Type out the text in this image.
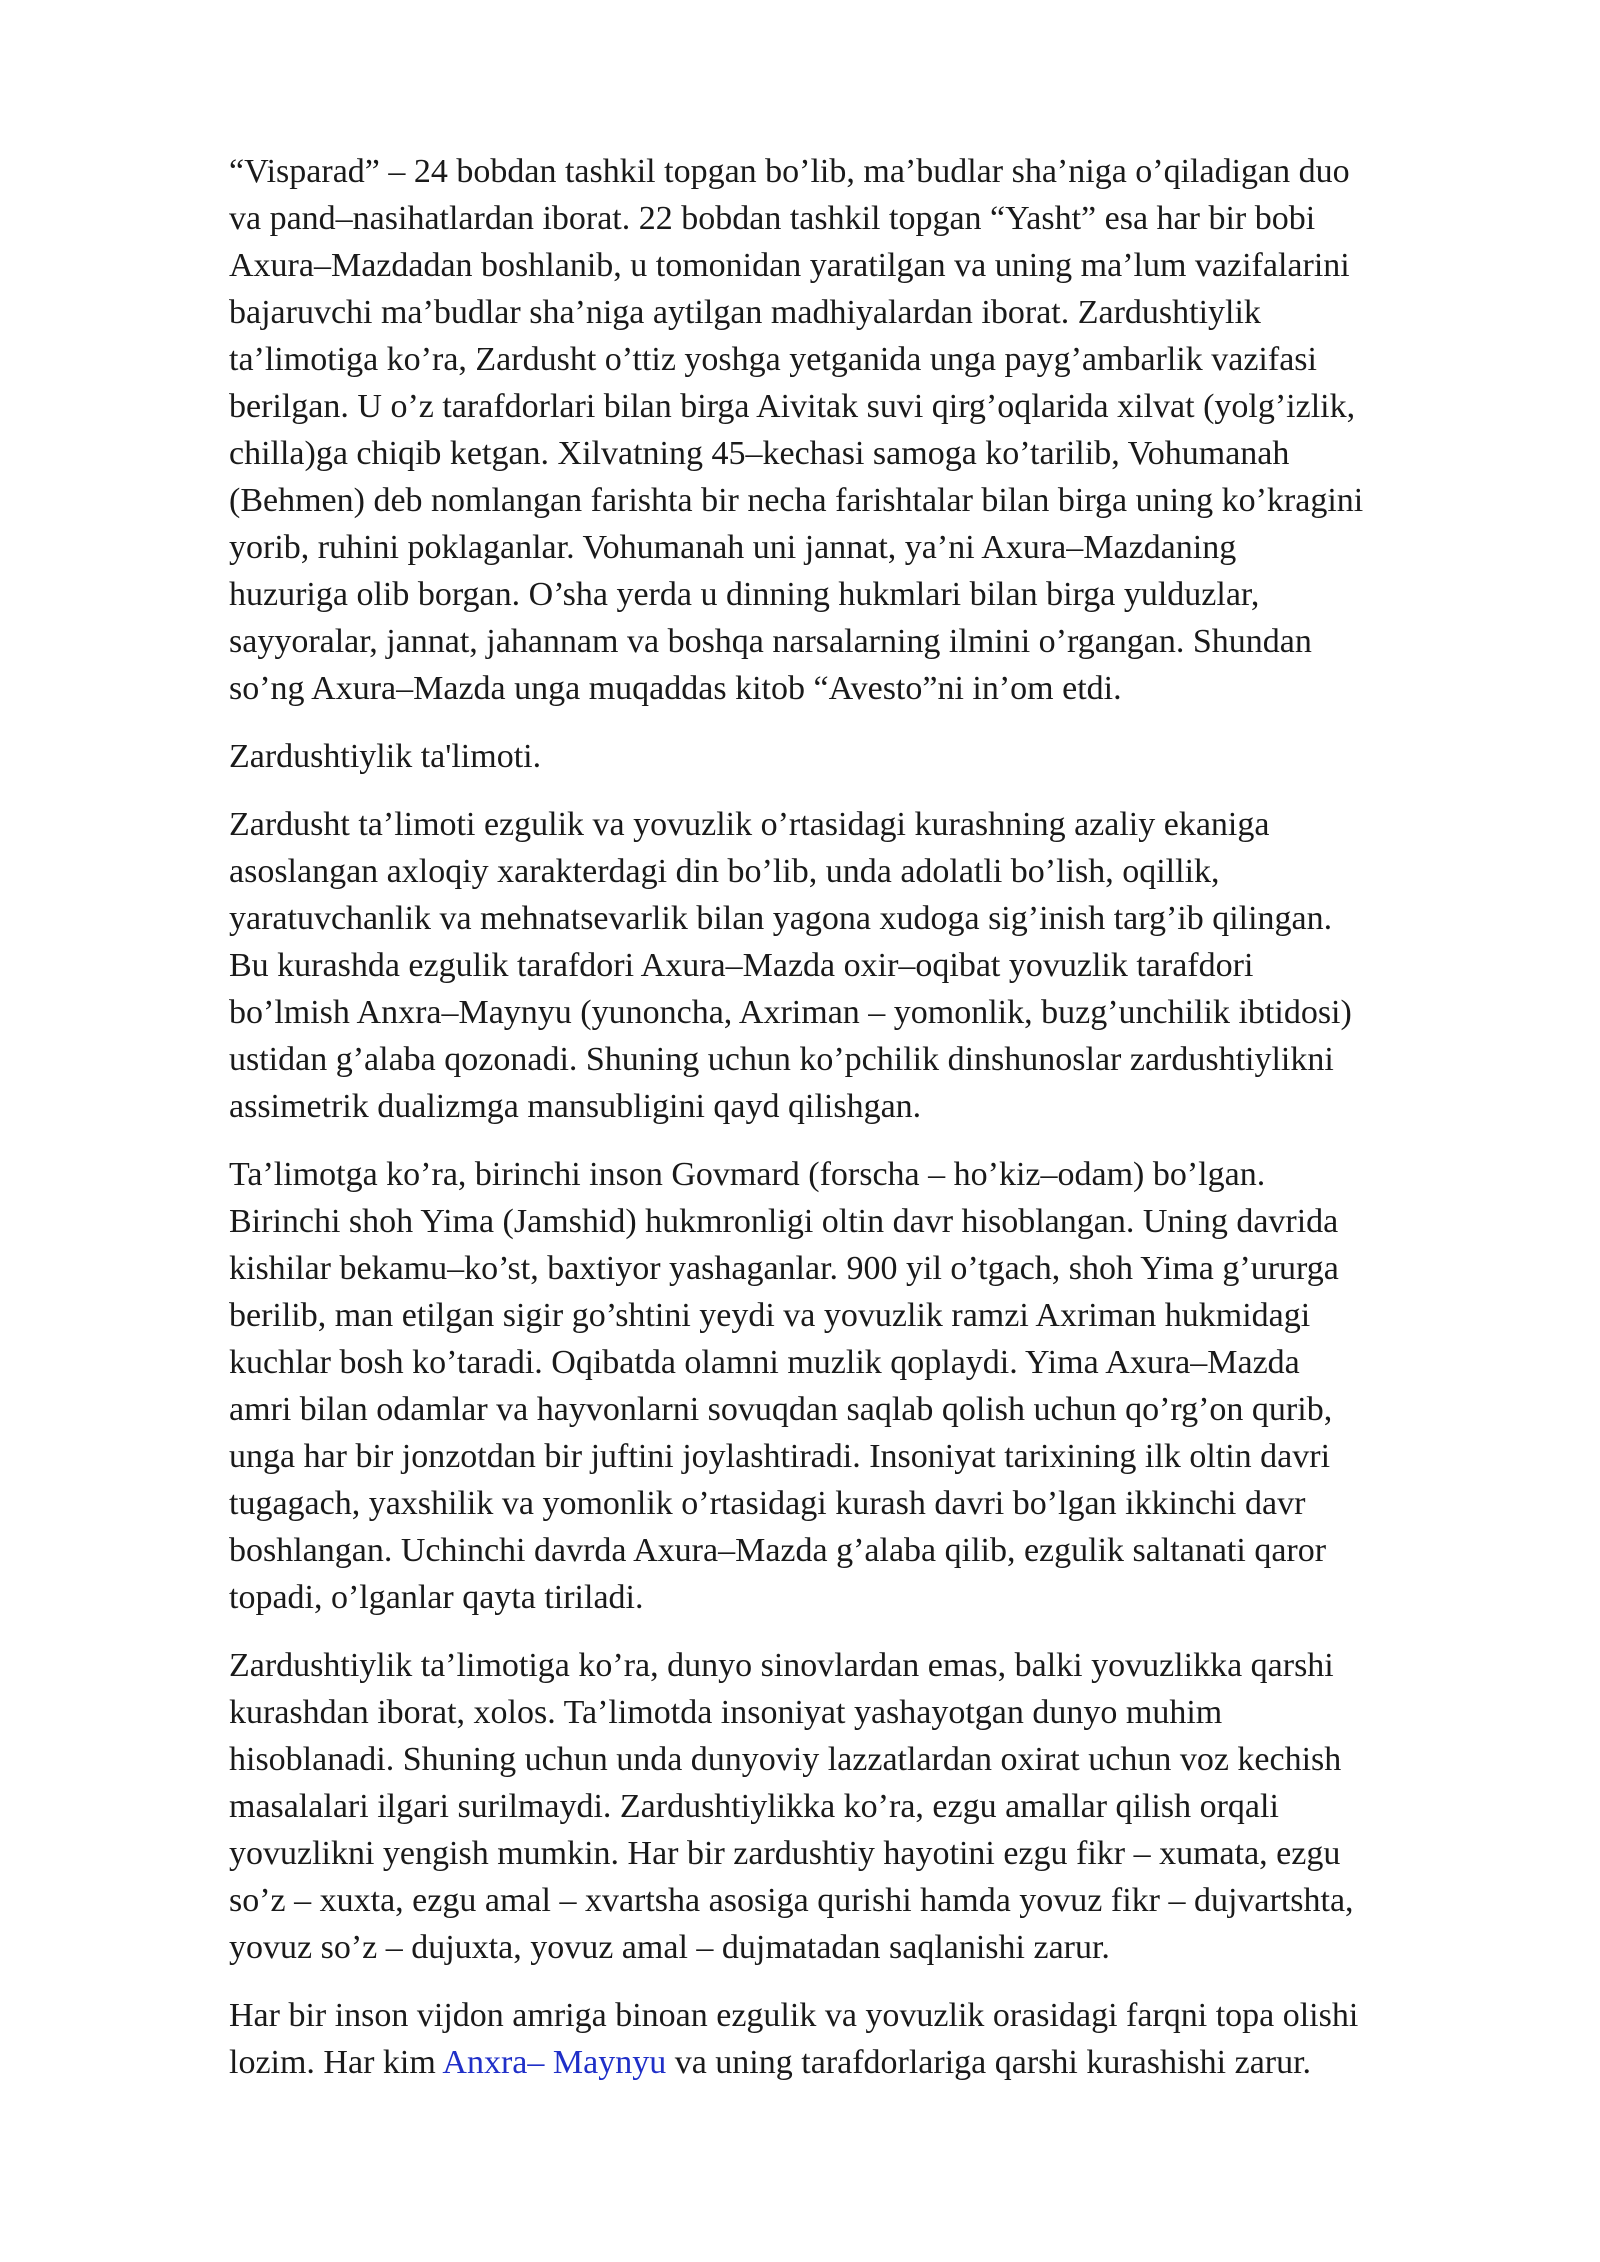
“Visparad” – 24 bobdan tashkil topgan bo’lib, ma’budlar sha’niga o’qiladigan duo
va pand–nasihatlardan iborat. 22 bobdan tashkil topgan “Yasht” esa har bir bobi
Axura–Mazdadan boshlanib, u tomonidan yaratilgan va uning ma’lum vazifalarini
bajaruvchi ma’budlar sha’niga aytilgan madhiyalardan iborat. Zardushtiylik
ta’limotiga ko’ra, Zardusht o’ttiz yoshga yetganida unga payg’ambarlik vazifasi
berilgan. U o’z tarafdorlari bilan birga Aivitak suvi qirg’oqlarida xilvat (yolg’izlik,
chilla)ga chiqib ketgan. Xilvatning 45–kechasi samoga ko’tarilib, Vohumanah
(Behmen) deb nomlangan farishta bir necha farishtalar bilan birga uning ko’kragini
yorib, ruhini poklaganlar. Vohumanah uni jannat, ya’ni Axura–Mazdaning
huzuriga olib borgan. O’sha yerda u dinning hukmlari bilan birga yulduzlar,
sayyoralar, jannat, jahannam va boshqa narsalarning ilmini o’rgangan. Shundan
so’ng Axura–Mazda unga muqaddas kitob “Avesto”ni in’om etdi.

Zardushtiylik ta'limoti.

Zardusht ta’limoti ezgulik va yovuzlik o’rtasidagi kurashning azaliy ekaniga
asoslangan axloqiy xarakterdagi din bo’lib, unda adolatli bo’lish, oqillik,
yaratuvchanlik va mehnatsevarlik bilan yagona xudoga sig’inish targ’ib qilingan.
Bu kurashda ezgulik tarafdori Axura–Mazda oxir–oqibat yovuzlik tarafdori
bo’lmish Anxra–Maynyu (yunoncha, Axriman – yomonlik, buzg’unchilik ibtidosi)
ustidan g’alaba qozonadi. Shuning uchun ko’pchilik dinshunoslar zardushtiylikni
assimetrik dualizmga mansubligini qayd qilishgan.

Ta’limotga ko’ra, birinchi inson Govmard (forscha – ho’kiz–odam) bo’lgan.
Birinchi shoh Yima (Jamshid) hukmronligi oltin davr hisoblangan. Uning davrida
kishilar bekamu–ko’st, baxtiyor yashaganlar. 900 yil o’tgach, shoh Yima g’ururga
berilib, man etilgan sigir go’shtini yeydi va yovuzlik ramzi Axriman hukmidagi
kuchlar bosh ko’taradi. Oqibatda olamni muzlik qoplaydi. Yima Axura–Mazda
amri bilan odamlar va hayvonlarni sovuqdan saqlab qolish uchun qo’rg’on qurib,
unga har bir jonzotdan bir juftini joylashtiradi. Insoniyat tarixining ilk oltin davri
tugagach, yaxshilik va yomonlik o’rtasidagi kurash davri bo’lgan ikkinchi davr
boshlangan. Uchinchi davrda Axura–Mazda g’alaba qilib, ezgulik saltanati qaror
topadi, o’lganlar qayta tiriladi.

Zardushtiylik ta’limotiga ko’ra, dunyo sinovlardan emas, balki yovuzlikka qarshi
kurashdan iborat, xolos. Ta’limotda insoniyat yashayotgan dunyo muhim
hisoblanadi. Shuning uchun unda dunyoviy lazzatlardan oxirat uchun voz kechish
masalalari ilgari surilmaydi. Zardushtiylikka ko’ra, ezgu amallar qilish orqali
yovuzlikni yengish mumkin. Har bir zardushtiy hayotini ezgu fikr – xumata, ezgu
so’z – xuxta, ezgu amal – xvartsha asosiga qurishi hamda yovuz fikr – dujvartshta,
yovuz so’z – dujuxta, yovuz amal – dujmatadan saqlanishi zarur.

Har bir inson vijdon amriga binoan ezgulik va yovuzlik orasidagi farqni topa olishi
lozim. Har kim Anxra– Maynyu va uning tarafdorlariga qarshi kurashishi zarur.
